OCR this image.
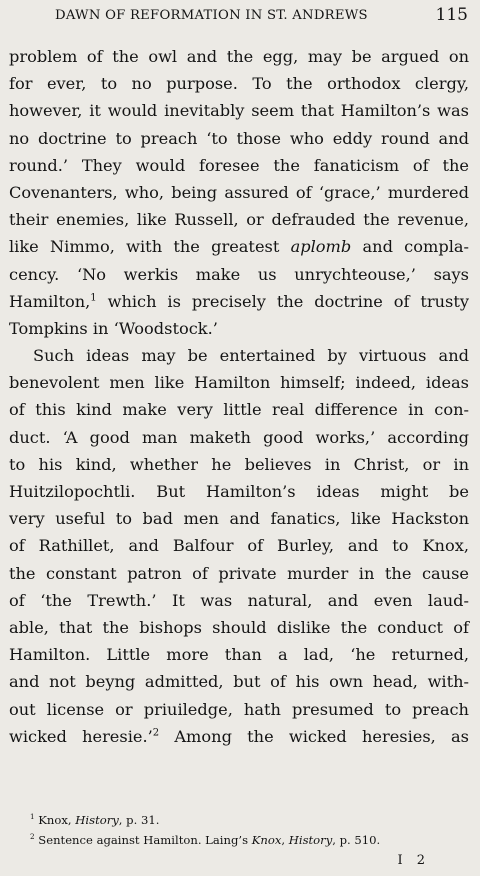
DAWN OF REFORMATION IN ST. ANDREWS	115
problem of the owl and the egg, may be argued on
for ever, to no purpose. To the orthodox clergy,
however, it would inevitably seem that Hamilton’s was
no doctrine to preach ‘to those who eddy round and
round.’ They would foresee the fanaticism of the
Covenanters, who, being assured of ‘grace,’ murdered
their enemies, like Russell, or defrauded the revenue,
like Nimmo, with the greatest aplomb and compla-
cency. ‘No werkis make us unrychteouse,’ says
Hamilton,$^1$ which is precisely the doctrine of trusty
Tompkins in ‘Woodstock.’
Such ideas may be entertained by virtuous and
benevolent men like Hamilton himself; indeed, ideas
of this kind make very little real difference in con-
duct. ‘A good man maketh good works,’ according
to his kind, whether he believes in Christ, or in
Huitzilopochtli. But Hamilton’s ideas might be
very useful to bad men and fanatics, like Hackston
of Rathillet, and Balfour of Burley, and to Knox,
the constant patron of private murder in the cause
of ‘the Trewth.’ It was natural, and even laud-
able, that the bishops should dislike the conduct of
Hamilton. Little more than a lad, ‘he returned,
and not beyng admitted, but of his own head, with-
out license or priuiledge, hath presumed to preach
wicked heresie.’$^2$ Among the wicked heresies, as
$^1$ Knox, History, p. 31.
$^2$ Sentence against Hamilton. Laing’s Knox, History, p. 510.
I 2
